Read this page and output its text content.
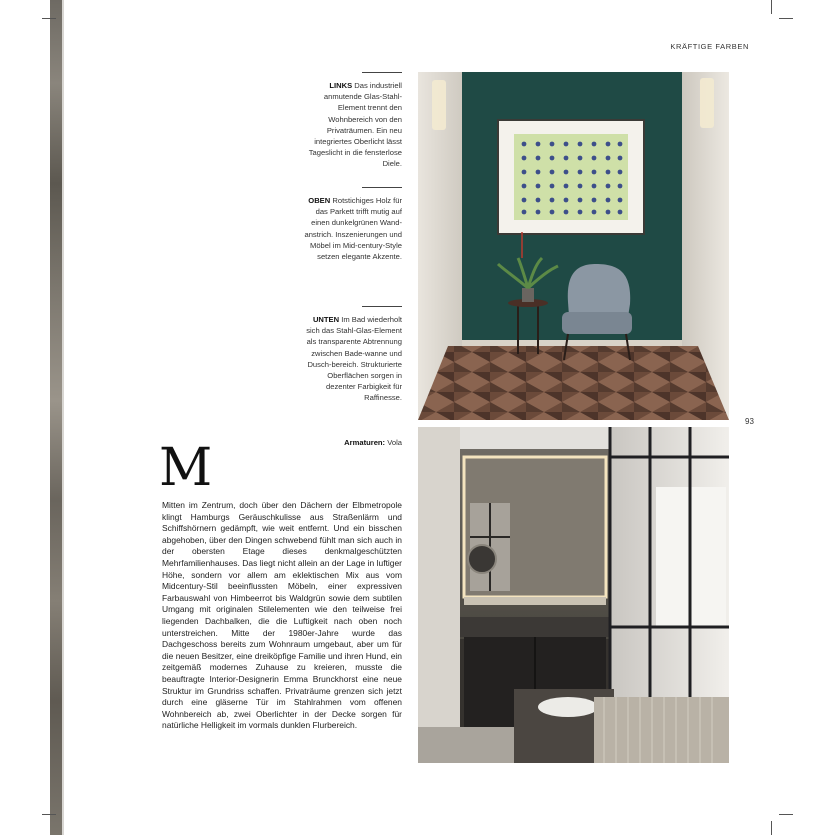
KRÄFTIGE FARBEN
93
LINKS Das industriell anmutende Glas-Stahl-Element trennt den Wohnbereich von den Privaträumen. Ein neu integriertes Oberlicht lässt Tageslicht in die fensterlose Diele.
OBEN Rotstichiges Holz für das Parkett trifft mutig auf einen dunkelgrünen Wand-anstrich. Inszenierungen und Möbel im Mid-century-Style setzen elegante Akzente.
UNTEN Im Bad wiederholt sich das Stahl-Glas-Element als transparente Abtrennung zwischen Bade-wanne und Dusch-bereich. Strukturierte Oberflächen sorgen in dezenter Farbigkeit für Raffinesse.
Armaturen: Vola
M
Mitten im Zentrum, doch über den Dächern der Elbmetropole klingt Hamburgs Geräuschkulisse aus Straßenlärm und Schiffshörnern gedämpft, wie weit entfernt. Und ein bisschen abgehoben, über den Dingen schwebend fühlt man sich auch in der obersten Etage dieses denkmalgeschützten Mehrfamilienhauses. Das liegt nicht allein an der Lage in luftiger Höhe, sondern vor allem am eklektischen Mix aus vom Midcentury-Stil beeinflussten Möbeln, einer expressiven Farbauswahl von Himbeerrot bis Waldgrün sowie dem subtilen Umgang mit originalen Stilelementen wie den teilweise frei liegenden Dachbalken, die die Luftigkeit nach oben noch unterstreichen. Mitte der 1980er-Jahre wurde das Dachgeschoss bereits zum Wohnraum umgebaut, aber um für die neuen Besitzer, eine dreiköpfige Familie und ihren Hund, ein zeitgemäß modernes Zuhause zu kreieren, musste die beauftragte Interior-Designerin Emma Brunckhorst eine neue Struktur im Grundriss schaffen. Privaträume grenzen sich jetzt durch eine gläserne Tür im Stahlrahmen vom offenen Wohnbereich ab, zwei Oberlichter in der Decke sorgen für natürliche Helligkeit im vormals dunklen Flurbereich.
